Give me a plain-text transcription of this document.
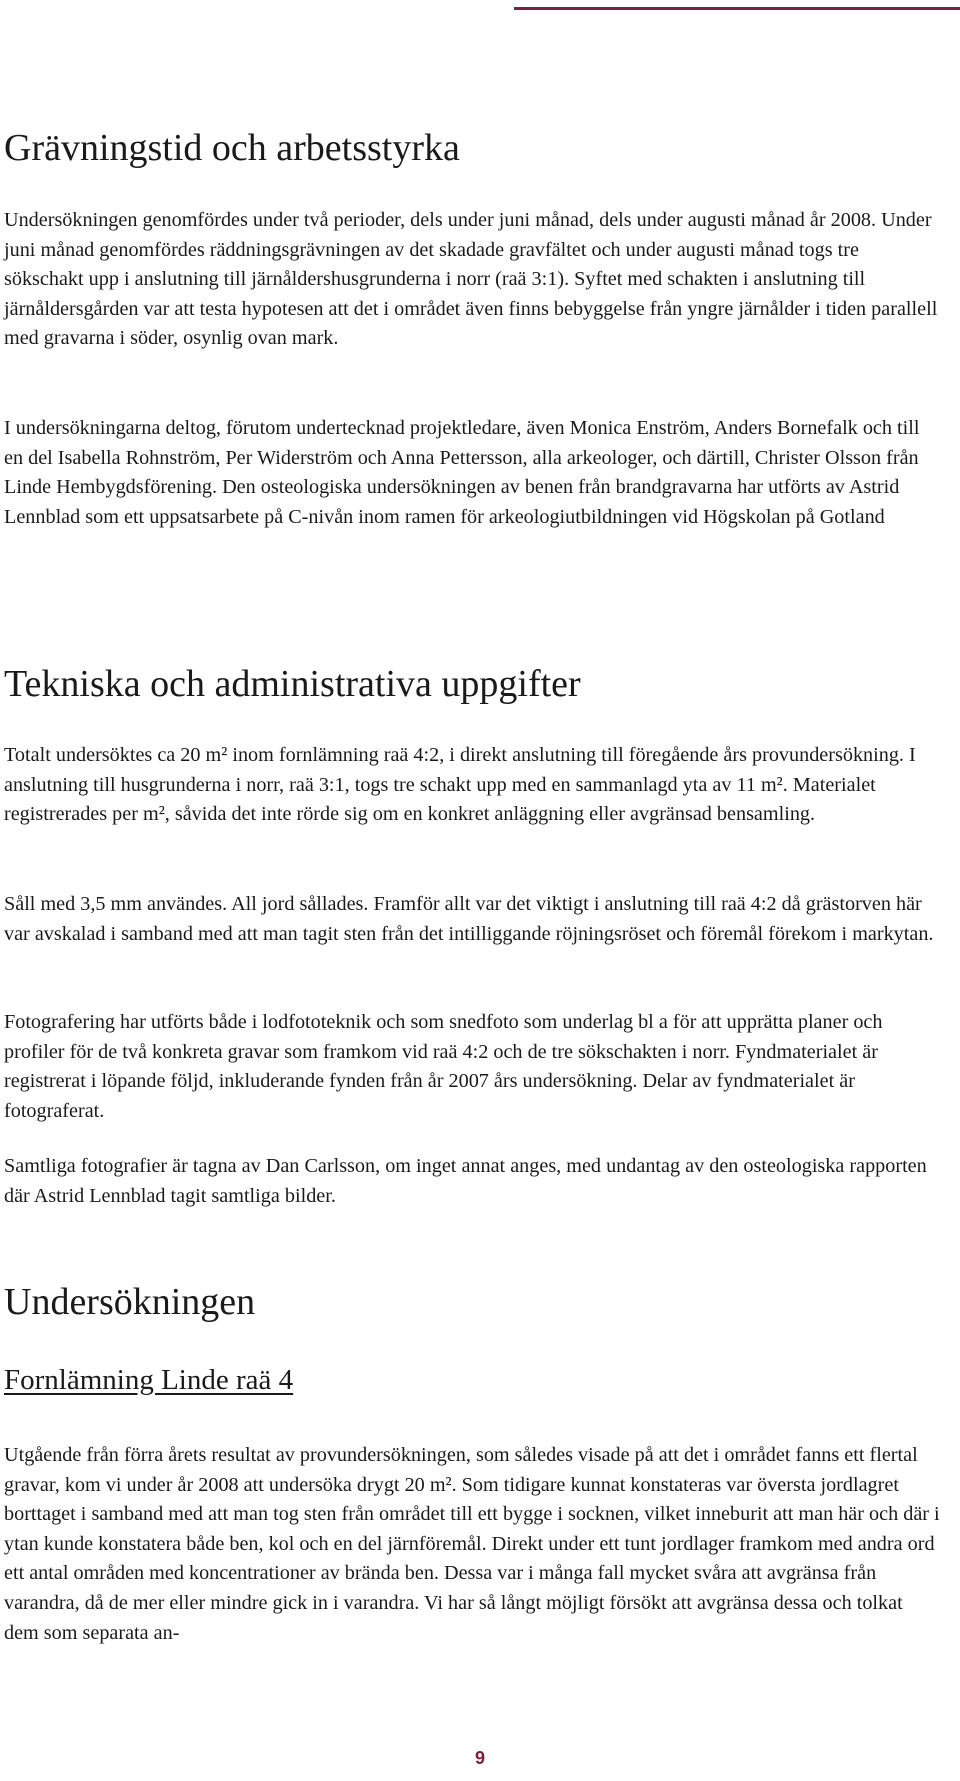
Grävningstid och arbetsstyrka

Undersökningen genomfördes under två perioder, dels under juni månad, dels under augusti månad år 2008. Under juni månad genomfördes räddningsgrävningen av det skadade gravfältet och under augusti månad togs tre sökschakt upp i anslutning till järnåldershusgrunderna i norr (raä 3:1). Syftet med schakten i anslutning till järnåldersgården var att testa hypotesen att det i området även finns bebyggelse från yngre järnålder i tiden parallell med gravarna i söder, osynlig ovan mark.

I undersökningarna deltog, förutom undertecknad projektledare, även Monica Enström, Anders Bornefalk och till en del Isabella Rohnström, Per Widerström och Anna Pettersson, alla arkeologer, och därtill, Christer Olsson från Linde Hembygdsförening. Den osteologiska undersökningen av benen från brandgravarna har utförts av Astrid Lennblad som ett uppsatsarbete på C-nivån inom ramen för arkeologiutbildningen vid Högskolan på Gotland

Tekniska och administrativa uppgifter

Totalt undersöktes ca 20 m² inom fornlämning raä 4:2, i direkt anslutning till föregående års provundersökning. I anslutning till husgrunderna i norr, raä 3:1, togs tre schakt upp med en sammanlagd yta av 11 m². Materialet registrerades per m², såvida det inte rörde sig om en konkret anläggning eller avgränsad bensamling.

Såll med 3,5 mm användes. All jord sållades. Framför allt var det viktigt i anslutning till raä 4:2 då grästorven här var avskalad i samband med att man tagit sten från det intilliggande röjningsröset och föremål förekom i markytan.

Fotografering har utförts både i lodfototeknik och som snedfoto som underlag bl a för att upprätta planer och profiler för de två konkreta gravar som framkom vid raä 4:2 och de tre sökschakten i norr. Fyndmaterialet är registrerat i löpande följd, inkluderande fynden från år 2007 års undersökning. Delar av fyndmaterialet är fotograferat.

Samtliga fotografier är tagna av Dan Carlsson, om inget annat anges, med undantag av den osteologiska rapporten där Astrid Lennblad tagit samtliga bilder.

Undersökningen
Fornlämning Linde raä 4

Utgående från förra årets resultat av provundersökningen, som således visade på att det i området fanns ett flertal gravar, kom vi under år 2008 att undersöka drygt 20 m². Som tidigare kunnat konstateras var översta jordlagret borttaget i samband med att man tog sten från området till ett bygge i socknen, vilket inneburit att man här och där i ytan kunde konstatera både ben, kol och en del järnföremål. Direkt under ett tunt jordlager framkom med andra ord ett antal områden med koncentrationer av brända ben. Dessa var i många fall mycket svåra att avgränsa från varandra, då de mer eller mindre gick in i varandra. Vi har så långt möjligt försökt att avgränsa dessa och tolkat dem som separata an-

9
